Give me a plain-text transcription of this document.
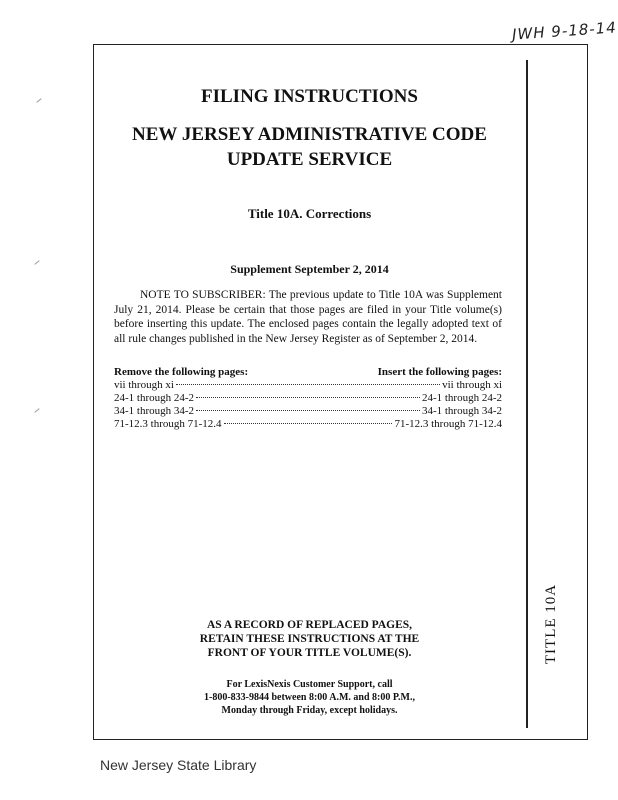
JWH 9-18-14
TITLE 10A
FILING INSTRUCTIONS
NEW JERSEY ADMINISTRATIVE CODE
UPDATE SERVICE
Title 10A. Corrections
Supplement September 2, 2014
NOTE TO SUBSCRIBER: The previous update to Title 10A was Supplement July 21, 2014. Please be certain that those pages are filed in your Title volume(s) before inserting this update. The enclosed pages contain the legally adopted text of all rule changes published in the New Jersey Register as of September 2, 2014.
Remove the following pages:	Insert the following pages:
vii through xi	vii through xi
24-1 through 24-2	24-1 through 24-2
34-1 through 34-2	34-1 through 34-2
71-12.3 through 71-12.4	71-12.3 through 71-12.4
AS A RECORD OF REPLACED PAGES,
RETAIN THESE INSTRUCTIONS AT THE
FRONT OF YOUR TITLE VOLUME(S).
For LexisNexis Customer Support, call
1-800-833-9844 between 8:00 A.M. and 8:00 P.M.,
Monday through Friday, except holidays.
New Jersey State Library
